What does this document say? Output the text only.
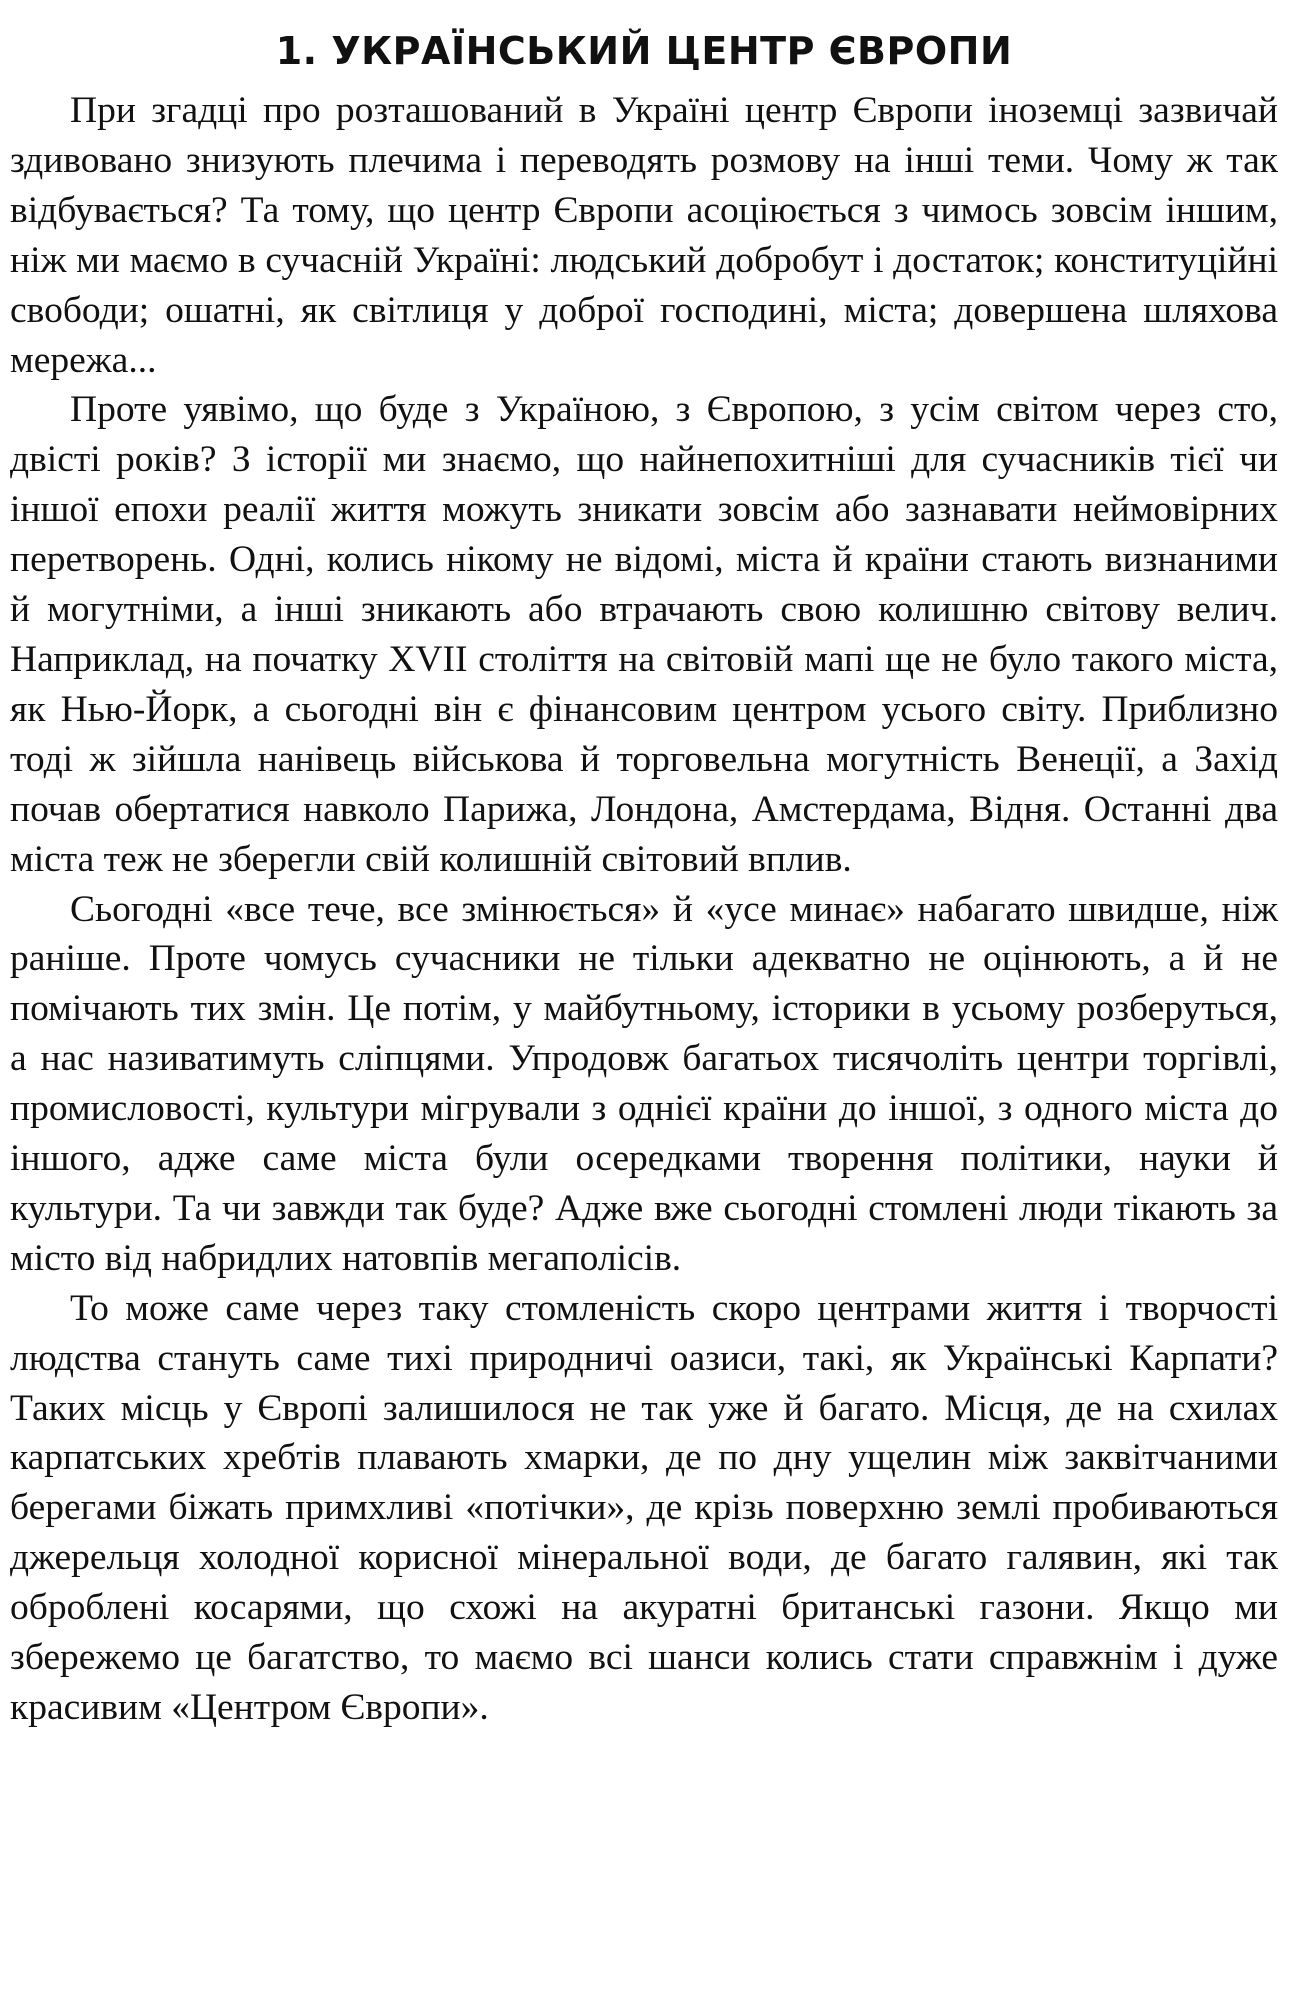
1. УКРАЇНСЬКИЙ ЦЕНТР ЄВРОПИ

При згадці про розташований в Україні центр Європи іноземці зазвичай здивовано знизують плечима і переводять розмову на інші теми. Чому ж так відбувається? Та тому, що центр Європи асоціюється з чимось зовсім іншим, ніж ми маємо в сучасній Україні: людський добробут і достаток; конституційні свободи; ошатні, як світлиця у доброї господині, міста; довершена шляхова мережа...

Проте уявімо, що буде з Україною, з Європою, з усім світом через сто, двісті років? З історії ми знаємо, що найнепохитніші для сучасників тієї чи іншої епохи реалії життя можуть зникати зовсім або зазнавати неймовірних перетворень. Одні, колись нікому не відомі, міста й країни стають визнаними й могутніми, а інші зникають або втрачають свою колишню світову велич. Наприклад, на початку XVII століття на світовій мапі ще не було такого міста, як Нью-Йорк, а сьогодні він є фінансовим центром усього світу. Приблизно тоді ж зійшла нанівець військова й торговельна могутність Венеції, а Захід почав обертатися навколо Парижа, Лондона, Амстердама, Відня. Останні два міста теж не зберегли свій колишній світовий вплив.

Сьогодні «все тече, все змінюється» й «усе минає» набагато швидше, ніж раніше. Проте чомусь сучасники не тільки адекватно не оцінюють, а й не помічають тих змін. Це потім, у майбутньому, історики в усьому розберуться, а нас називатимуть сліпцями. Упродовж багатьох тисячоліть центри торгівлі, промисловості, культури мігрували з однієї країни до іншої, з одного міста до іншого, адже саме міста були осередками творення політики, науки й культури. Та чи завжди так буде? Адже вже сьогодні стомлені люди тікають за місто від набридлих натовпів мегаполісів.

То може саме через таку стомленість скоро центрами життя і творчості людства стануть саме тихі природничі оазиси, такі, як Українські Карпати? Таких місць у Європі залишилося не так уже й багато. Місця, де на схилах карпатських хребтів плавають хмарки, де по дну ущелин між заквітчаними берегами біжать примхливі «потічки», де крізь поверхню землі пробиваються джерельця холодної корисної мінеральної води, де багато галявин, які так оброблені косарями, що схожі на акуратні британські газони. Якщо ми збережемо це багатство, то маємо всі шанси колись стати справжнім і дуже красивим «Центром Європи».
